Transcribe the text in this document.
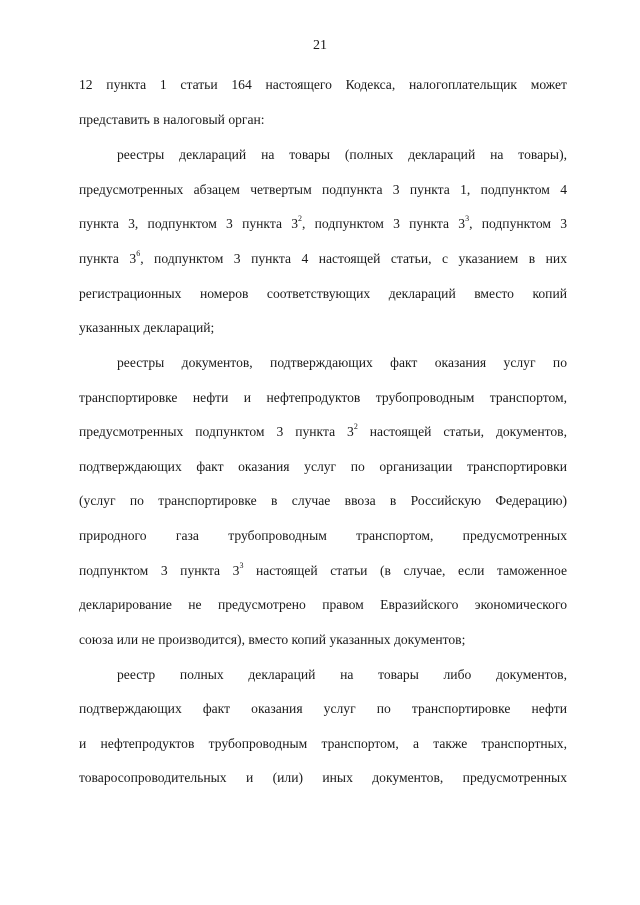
21
12 пункта 1 статьи 164 настоящего Кодекса, налогоплательщик может
представить в налоговый орган:
реестры деклараций на товары (полных деклараций на товары),
предусмотренных абзацем четвертым подпункта 3 пункта 1, подпунктом 4
пункта 3, подпунктом 3 пункта $3^2$, подпунктом 3 пункта $3^3$, подпунктом 3
пункта $3^6$, подпунктом 3 пункта 4 настоящей статьи, с указанием в них
регистрационных номеров соответствующих деклараций вместо копий
указанных деклараций;
реестры документов, подтверждающих факт оказания услуг по
транспортировке нефти и нефтепродуктов трубопроводным транспортом,
предусмотренных подпунктом 3 пункта $3^2$ настоящей статьи, документов,
подтверждающих факт оказания услуг по организации транспортировки
(услуг по транспортировке в случае ввоза в Российскую Федерацию)
природного газа трубопроводным транспортом, предусмотренных
подпунктом 3 пункта $3^3$ настоящей статьи (в случае, если таможенное
декларирование не предусмотрено правом Евразийского экономического
союза или не производится), вместо копий указанных документов;
реестр полных деклараций на товары либо документов,
подтверждающих факт оказания услуг по транспортировке нефти
и нефтепродуктов трубопроводным транспортом, а также транспортных,
товаросопроводительных и (или) иных документов, предусмотренных
